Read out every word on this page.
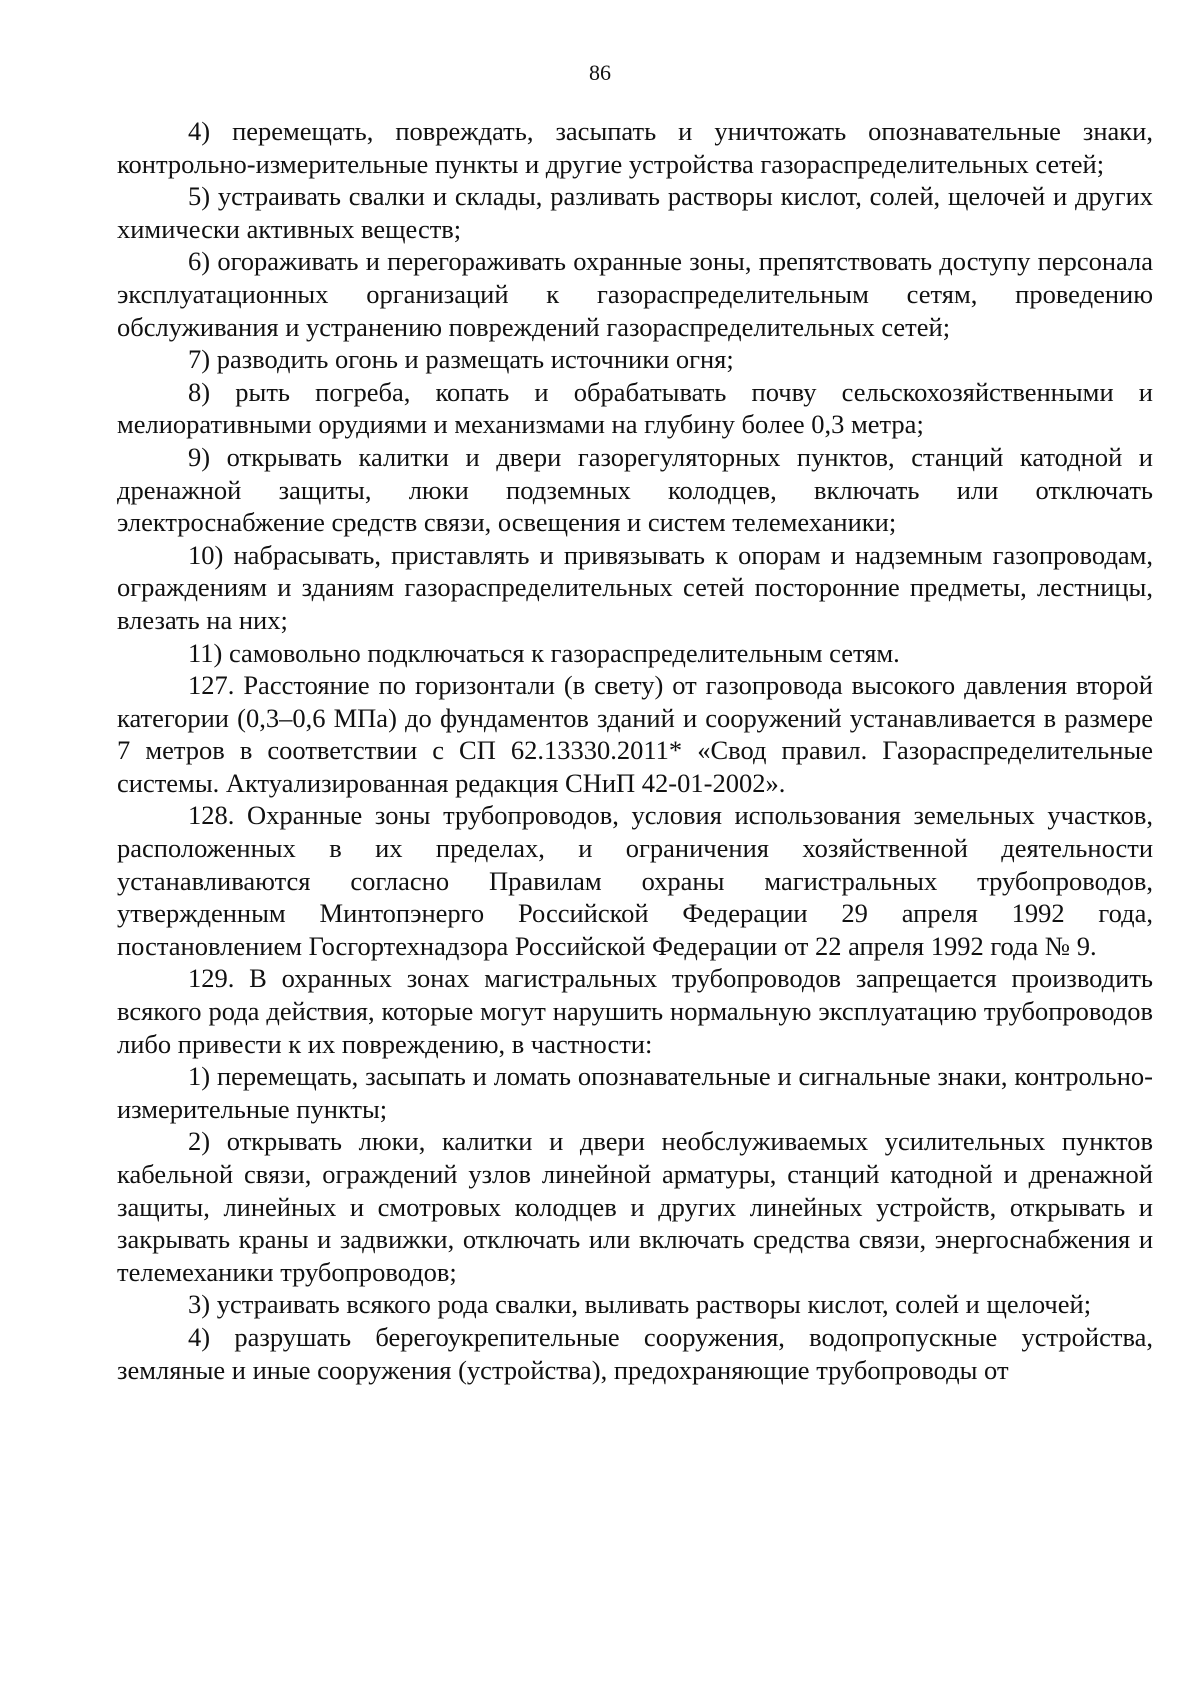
86

4) перемещать, повреждать, засыпать и уничтожать опознавательные знаки, контрольно-измерительные пункты и другие устройства газораспределительных сетей;

5) устраивать свалки и склады, разливать растворы кислот, солей, щелочей и других химически активных веществ;

6) огораживать и перегораживать охранные зоны, препятствовать доступу персонала эксплуатационных организаций к газораспределительным сетям, проведению обслуживания и устранению повреждений газораспределительных сетей;

7) разводить огонь и размещать источники огня;

8) рыть погреба, копать и обрабатывать почву сельскохозяйственными и мелиоративными орудиями и механизмами на глубину более 0,3 метра;

9) открывать калитки и двери газорегуляторных пунктов, станций катодной и дренажной защиты, люки подземных колодцев, включать или отключать электроснабжение средств связи, освещения и систем телемеханики;

10) набрасывать, приставлять и привязывать к опорам и надземным газопроводам, ограждениям и зданиям газораспределительных сетей посторонние предметы, лестницы, влезать на них;

11) самовольно подключаться к газораспределительным сетям.

127. Расстояние по горизонтали (в свету) от газопровода высокого давления второй категории (0,3–0,6 МПа) до фундаментов зданий и сооружений устанавливается в размере 7 метров в соответствии с СП 62.13330.2011* «Свод правил. Газораспределительные системы. Актуализированная редакция СНиП 42-01-2002».

128. Охранные зоны трубопроводов, условия использования земельных участков, расположенных в их пределах, и ограничения хозяйственной деятельности устанавливаются согласно Правилам охраны магистральных трубопроводов, утвержденным Минтопэнерго Российской Федерации 29 апреля 1992 года, постановлением Госгортехнадзора Российской Федерации от 22 апреля 1992 года № 9.

129. В охранных зонах магистральных трубопроводов запрещается производить всякого рода действия, которые могут нарушить нормальную эксплуатацию трубопроводов либо привести к их повреждению, в частности:

1) перемещать, засыпать и ломать опознавательные и сигнальные знаки, контрольно-измерительные пункты;

2) открывать люки, калитки и двери необслуживаемых усилительных пунктов кабельной связи, ограждений узлов линейной арматуры, станций катодной и дренажной защиты, линейных и смотровых колодцев и других линейных устройств, открывать и закрывать краны и задвижки, отключать или включать средства связи, энергоснабжения и телемеханики трубопроводов;

3) устраивать всякого рода свалки, выливать растворы кислот, солей и щелочей;

4) разрушать берегоукрепительные сооружения, водопропускные устройства, земляные и иные сооружения (устройства), предохраняющие трубопроводы от
